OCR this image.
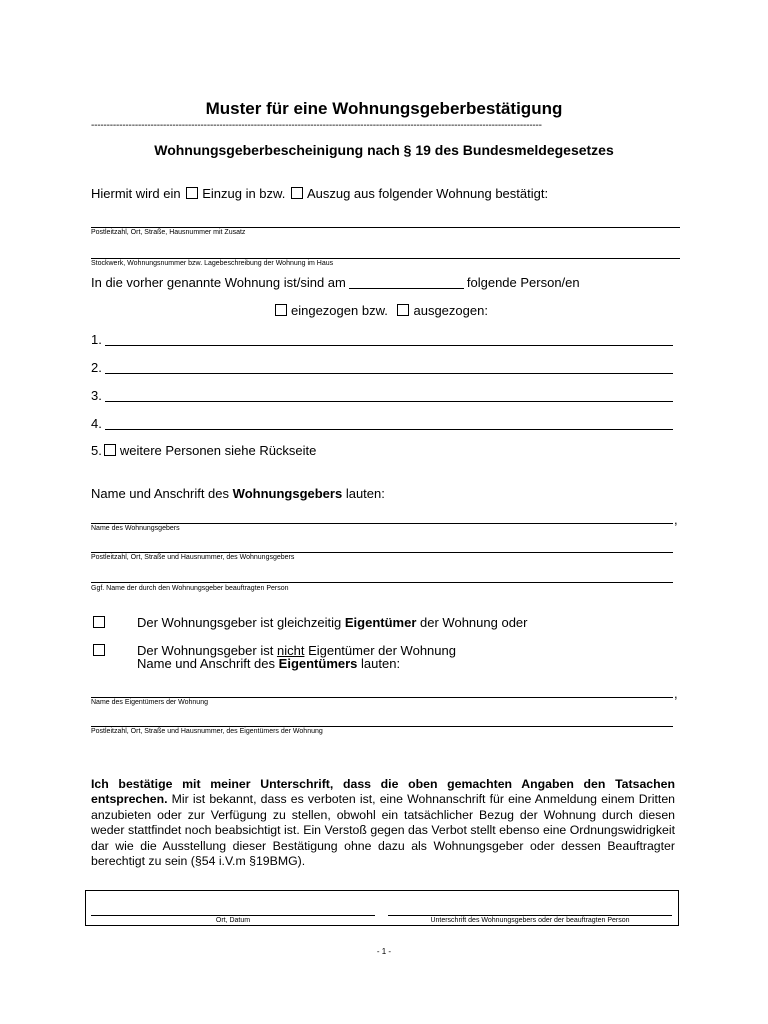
Muster für eine Wohnungsgeberbestätigung
------------------------------------------------------------------------------------------------------------------------------------------------
Wohnungsgeberbescheinigung nach § 19 des Bundesmeldegesetzes
Hiermit wird ein Einzug in bzw. Auszug aus folgender Wohnung bestätigt:
Postleitzahl, Ort, Straße, Hausnummer mit Zusatz
Stockwerk, Wohnungsnummer bzw. Lagebeschreibung der Wohnung im Haus
In die vorher genannte Wohnung ist/sind am	folgende Person/en
eingezogen bzw. ausgezogen:
1.
2.
3.
4.
5. weitere Personen siehe Rückseite
Name und Anschrift des Wohnungsgebers lauten:
,
Name des Wohnungsgebers
Postleitzahl, Ort, Straße und Hausnummer, des Wohnungsgebers
Ggf. Name der durch den Wohnungsgeber beauftragten Person
Der Wohnungsgeber ist gleichzeitig Eigentümer der Wohnung oder
Der Wohnungsgeber ist nicht Eigentümer der Wohnung
Name und Anschrift des Eigentümers lauten:
,
Name des Eigentümers der Wohnung
Postleitzahl, Ort, Straße und Hausnummer, des Eigentümers der Wohnung
Ich bestätige mit meiner Unterschrift, dass die oben gemachten Angaben den Tatsachen entsprechen. Mir ist bekannt, dass es verboten ist, eine Wohnanschrift für eine Anmeldung einem Dritten anzubieten oder zur Verfügung zu stellen, obwohl ein tatsächlicher Bezug der Wohnung durch diesen weder stattfindet noch beabsichtigt ist. Ein Verstoß gegen das Verbot stellt ebenso eine Ordnungswidrigkeit dar wie die Ausstellung dieser Bestätigung ohne dazu als Wohnungsgeber oder dessen Beauftragter berechtigt zu sein (§54 i.V.m §19BMG).
Ort, Datum	Unterschrift des Wohnungsgebers oder der beauftragten Person
- 1 -
